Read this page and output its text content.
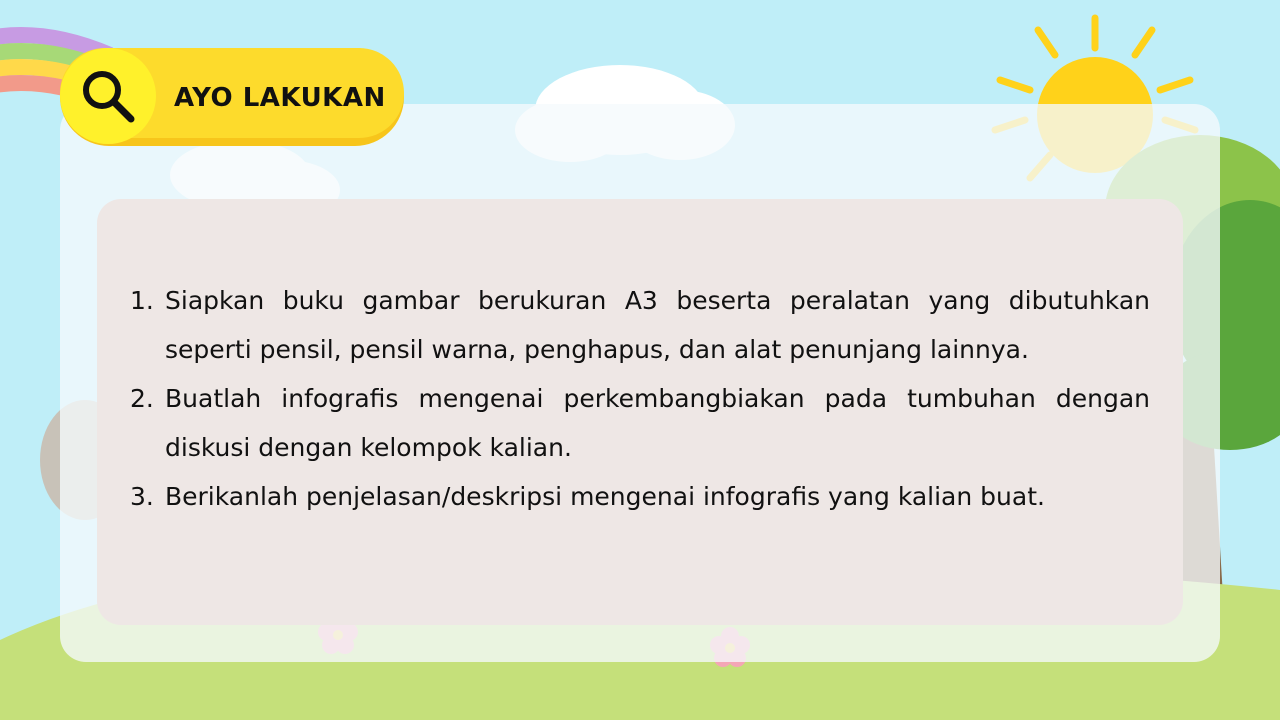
AYO LAKUKAN
1. Siapkan buku gambar berukuran A3 beserta peralatan yang dibutuhkan seperti pensil, pensil warna, penghapus, dan alat penunjang lainnya.
2. Buatlah infografis mengenai perkembangbiakan pada tumbuhan dengan diskusi dengan kelompok kalian.
3. Berikanlah penjelasan/deskripsi mengenai infografis yang kalian buat.
